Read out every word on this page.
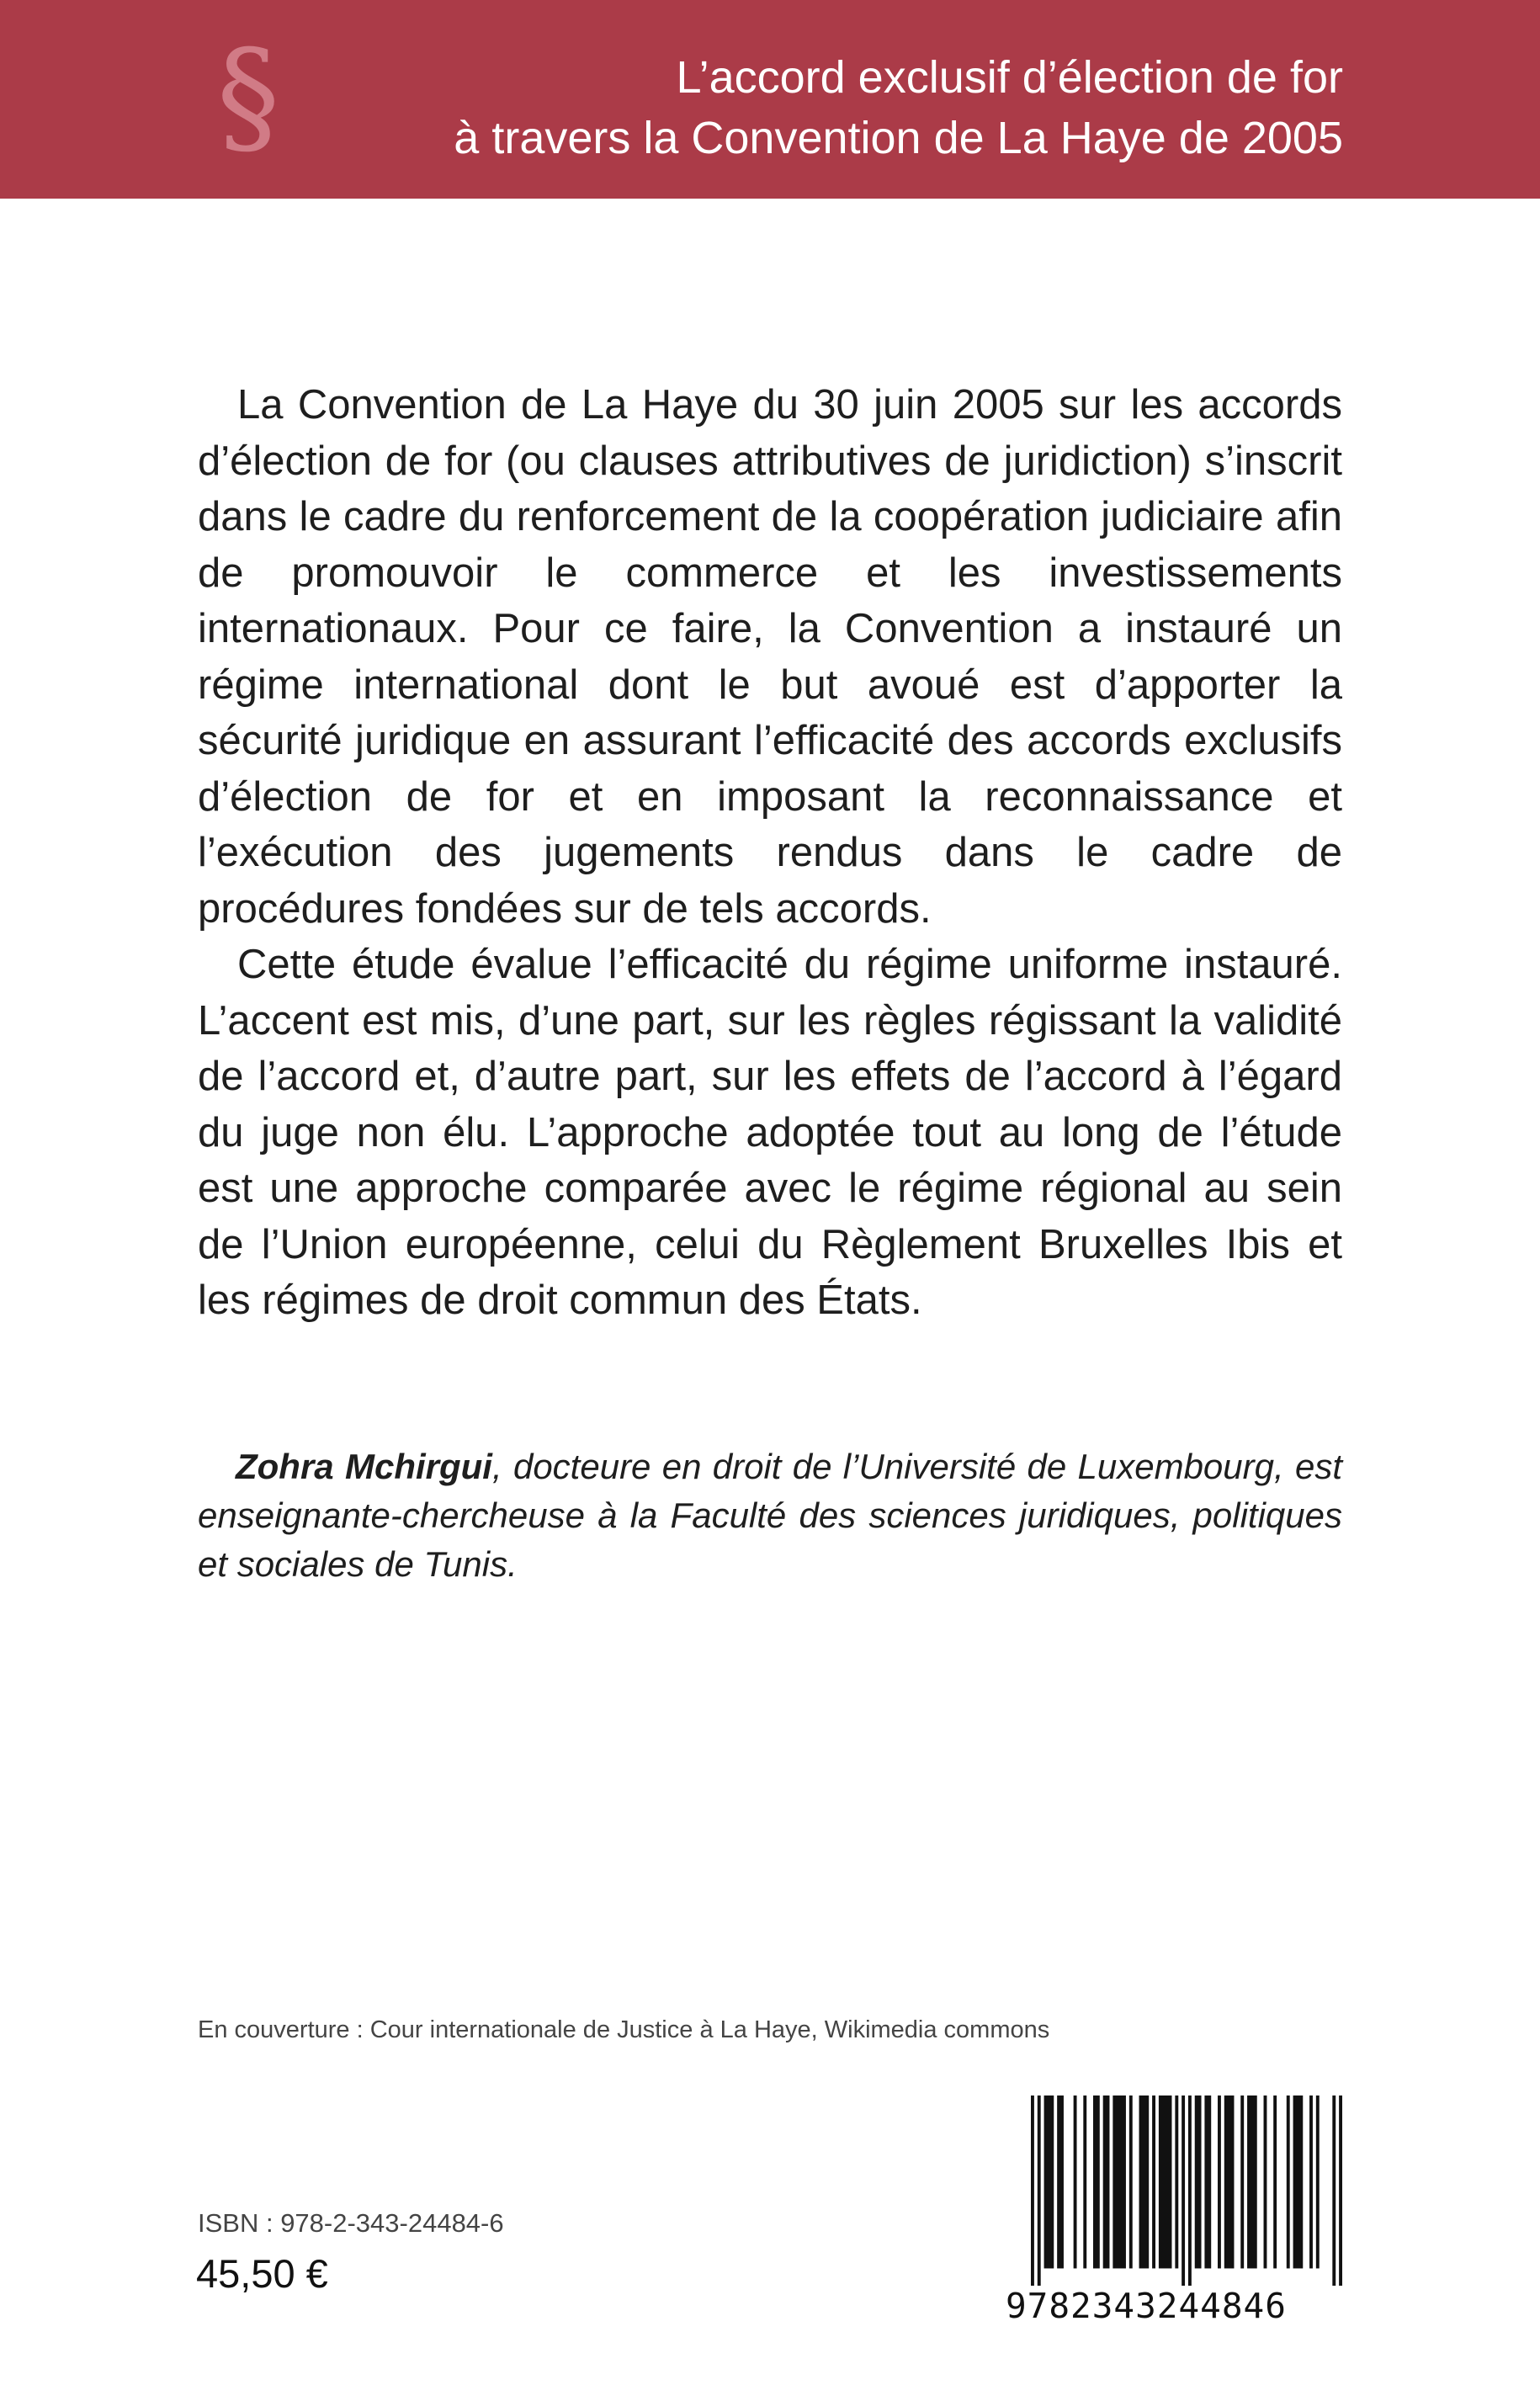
§	L’accord exclusif d’élection de for
à travers la Convention de La Haye de 2005

La Convention de La Haye du 30 juin 2005 sur les accords d’élection de for (ou clauses attributives de juridiction) s’inscrit dans le cadre du renforcement de la coopération judiciaire afin de promouvoir le commerce et les investissements internationaux. Pour ce faire, la Convention a instauré un régime international dont le but avoué est d’apporter la sécurité juridique en assurant l’efficacité des accords exclusifs d’élection de for et en imposant la reconnaissance et l’exécution des jugements rendus dans le cadre de procédures fondées sur de tels accords.

Cette étude évalue l’efficacité du régime uniforme instauré. L’accent est mis, d’une part, sur les règles régissant la validité de l’accord et, d’autre part, sur les effets de l’accord à l’égard du juge non élu. L’approche adoptée tout au long de l’étude est une approche comparée avec le régime régional au sein de l’Union européenne, celui du Règlement Bruxelles Ibis et les régimes de droit commun des États.

Zohra Mchirgui, docteure en droit de l’Université de Luxembourg, est enseignante-chercheuse à la Faculté des sciences juridiques, politiques et sociales de Tunis.

En couverture : Cour internationale de Justice à La Haye, Wikimedia commons
ISBN : 978-2-343-24484-6
45,50 €
9782343244846
